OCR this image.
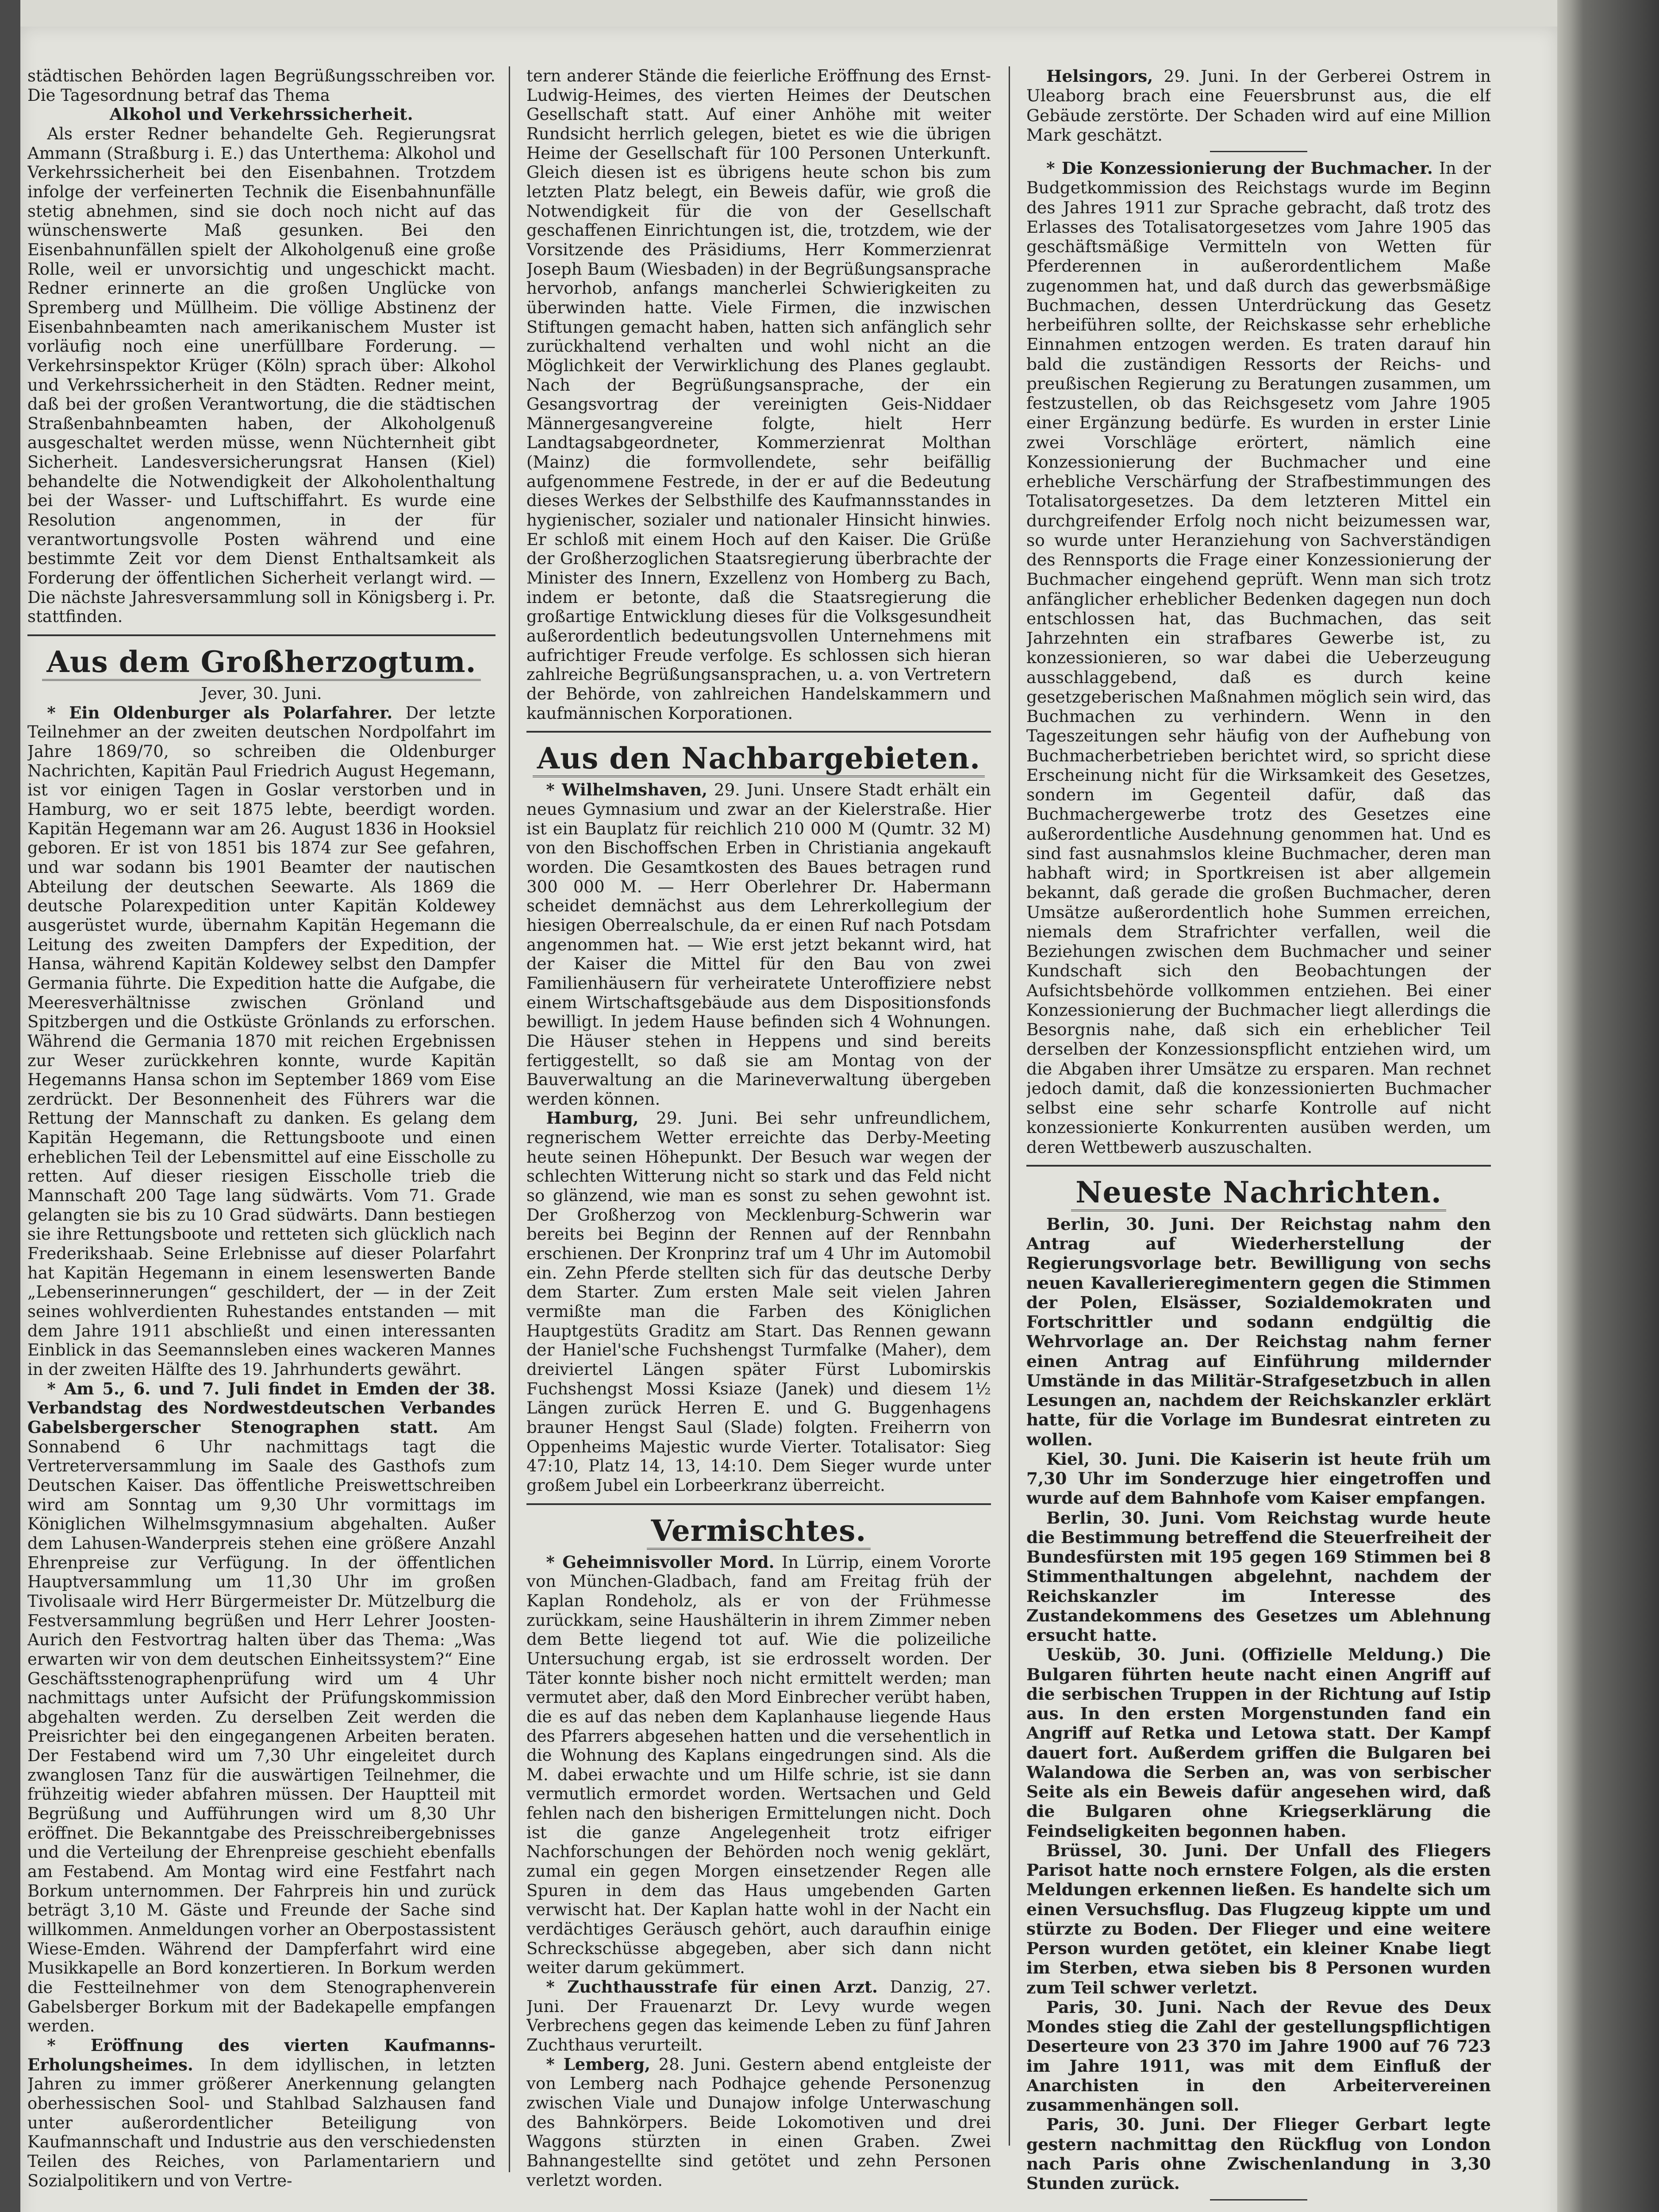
städtischen Behörden lagen Begrüßungsschreiben vor. Die Tagesordnung betraf das Thema

Alkohol und Verkehrssicherheit.

Als erster Redner behandelte Geh. Regierungsrat Ammann (Straßburg i. E.) das Unterthema: Alkohol und Verkehrssicherheit bei den Eisenbahnen. Trotzdem infolge der verfeinerten Technik die Eisenbahnunfälle stetig abnehmen, sind sie doch noch nicht auf das wünschenswerte Maß gesunken. Bei den Eisenbahnunfällen spielt der Alkoholgenuß eine große Rolle, weil er unvorsichtig und ungeschickt macht. Redner erinnerte an die großen Unglücke von Spremberg und Müllheim. Die völlige Abstinenz der Eisenbahnbeamten nach amerikanischem Muster ist vorläufig noch eine unerfüllbare Forderung. — Verkehrsinspektor Krüger (Köln) sprach über: Alkohol und Verkehrssicherheit in den Städten. Redner meint, daß bei der großen Verantwortung, die die städtischen Straßenbahnbeamten haben, der Alkoholgenuß ausgeschaltet werden müsse, wenn Nüchternheit gibt Sicherheit. Landesversicherungsrat Hansen (Kiel) behandelte die Notwendigkeit der Alkoholenthaltung bei der Wasser- und Luftschiffahrt. Es wurde eine Resolution angenommen, in der für verantwortungsvolle Posten während und eine bestimmte Zeit vor dem Dienst Enthaltsamkeit als Forderung der öffentlichen Sicherheit verlangt wird. — Die nächste Jahresversammlung soll in Königsberg i. Pr. stattfinden.

Aus dem Großherzogtum.

Jever, 30. Juni.

* Ein Oldenburger als Polarfahrer. Der letzte Teilnehmer an der zweiten deutschen Nordpolfahrt im Jahre 1869/70, so schreiben die Oldenburger Nachrichten, Kapitän Paul Friedrich August Hegemann, ist vor einigen Tagen in Goslar verstorben und in Hamburg, wo er seit 1875 lebte, beerdigt worden. Kapitän Hegemann war am 26. August 1836 in Hooksiel geboren. Er ist von 1851 bis 1874 zur See gefahren, und war sodann bis 1901 Beamter der nautischen Abteilung der deutschen Seewarte. Als 1869 die deutsche Polarexpedition unter Kapitän Koldewey ausgerüstet wurde, übernahm Kapitän Hegemann die Leitung des zweiten Dampfers der Expedition, der Hansa, während Kapitän Koldewey selbst den Dampfer Germania führte. Die Expedition hatte die Aufgabe, die Meeresverhältnisse zwischen Grönland und Spitzbergen und die Ostküste Grönlands zu erforschen. Während die Germania 1870 mit reichen Ergebnissen zur Weser zurückkehren konnte, wurde Kapitän Hegemanns Hansa schon im September 1869 vom Eise zerdrückt. Der Besonnenheit des Führers war die Rettung der Mannschaft zu danken. Es gelang dem Kapitän Hegemann, die Rettungsboote und einen erheblichen Teil der Lebensmittel auf eine Eisscholle zu retten. Auf dieser riesigen Eisscholle trieb die Mannschaft 200 Tage lang südwärts. Vom 71. Grade gelangten sie bis zu 10 Grad südwärts. Dann bestiegen sie ihre Rettungsboote und retteten sich glücklich nach Frederikshaab. Seine Erlebnisse auf dieser Polarfahrt hat Kapitän Hegemann in einem lesenswerten Bande „Lebenserinnerungen“ geschildert, der — in der Zeit seines wohlverdienten Ruhestandes entstanden — mit dem Jahre 1911 abschließt und einen interessanten Einblick in das Seemannsleben eines wackeren Mannes in der zweiten Hälfte des 19. Jahrhunderts gewährt.

* Am 5., 6. und 7. Juli findet in Emden der 38. Verbandstag des Nordwestdeutschen Verbandes Gabelsbergerscher Stenographen statt. Am Sonnabend 6 Uhr nachmittags tagt die Vertreterversammlung im Saale des Gasthofs zum Deutschen Kaiser. Das öffentliche Preiswettschreiben wird am Sonntag um 9,30 Uhr vormittags im Königlichen Wilhelmsgymnasium abgehalten. Außer dem Lahusen-Wanderpreis stehen eine größere Anzahl Ehrenpreise zur Verfügung. In der öffentlichen Hauptversammlung um 11,30 Uhr im großen Tivolisaale wird Herr Bürgermeister Dr. Mützelburg die Festversammlung begrüßen und Herr Lehrer Joosten-Aurich den Festvortrag halten über das Thema: „Was erwarten wir von dem deutschen Einheitssystem?“ Eine Geschäftsstenographenprüfung wird um 4 Uhr nachmittags unter Aufsicht der Prüfungskommission abgehalten werden. Zu derselben Zeit werden die Preisrichter bei den eingegangenen Arbeiten beraten. Der Festabend wird um 7,30 Uhr eingeleitet durch zwanglosen Tanz für die auswärtigen Teilnehmer, die frühzeitig wieder abfahren müssen. Der Hauptteil mit Begrüßung und Aufführungen wird um 8,30 Uhr eröffnet. Die Bekanntgabe des Preisschreibergebnisses und die Verteilung der Ehrenpreise geschieht ebenfalls am Festabend. Am Montag wird eine Festfahrt nach Borkum unternommen. Der Fahrpreis hin und zurück beträgt 3,10 M. Gäste und Freunde der Sache sind willkommen. Anmeldungen vorher an Oberpostassistent Wiese-Emden. Während der Dampferfahrt wird eine Musikkapelle an Bord konzertieren. In Borkum werden die Festteilnehmer von dem Stenographenverein Gabelsberger Borkum mit der Badekapelle empfangen werden.

* Eröffnung des vierten Kaufmanns-Erholungsheimes. In dem idyllischen, in letzten Jahren zu immer größerer Anerkennung gelangten oberhessischen Sool- und Stahlbad Salzhausen fand unter außerordentlicher Beteiligung von Kaufmannschaft und Industrie aus den verschiedensten Teilen des Reiches, von Parlamentariern und Sozialpolitikern und von Vertre-

tern anderer Stände die feierliche Eröffnung des Ernst-Ludwig-Heimes, des vierten Heimes der Deutschen Gesellschaft statt. Auf einer Anhöhe mit weiter Rundsicht herrlich gelegen, bietet es wie die übrigen Heime der Gesellschaft für 100 Personen Unterkunft. Gleich diesen ist es übrigens heute schon bis zum letzten Platz belegt, ein Beweis dafür, wie groß die Notwendigkeit für die von der Gesellschaft geschaffenen Einrichtungen ist, die, trotzdem, wie der Vorsitzende des Präsidiums, Herr Kommerzienrat Joseph Baum (Wiesbaden) in der Begrüßungsansprache hervorhob, anfangs mancherlei Schwierigkeiten zu überwinden hatte. Viele Firmen, die inzwischen Stiftungen gemacht haben, hatten sich anfänglich sehr zurückhaltend verhalten und wohl nicht an die Möglichkeit der Verwirklichung des Planes geglaubt. Nach der Begrüßungsansprache, der ein Gesangsvortrag der vereinigten Geis-Niddaer Männergesangvereine folgte, hielt Herr Landtagsabgeordneter, Kommerzienrat Molthan (Mainz) die formvollendete, sehr beifällig aufgenommene Festrede, in der er auf die Bedeutung dieses Werkes der Selbsthilfe des Kaufmannsstandes in hygienischer, sozialer und nationaler Hinsicht hinwies. Er schloß mit einem Hoch auf den Kaiser. Die Grüße der Großherzoglichen Staatsregierung überbrachte der Minister des Innern, Exzellenz von Homberg zu Bach, indem er betonte, daß die Staatsregierung die großartige Entwicklung dieses für die Volksgesundheit außerordentlich bedeutungsvollen Unternehmens mit aufrichtiger Freude verfolge. Es schlossen sich hieran zahlreiche Begrüßungsansprachen, u. a. von Vertretern der Behörde, von zahlreichen Handelskammern und kaufmännischen Korporationen.

Aus den Nachbargebieten.

* Wilhelmshaven, 29. Juni. Unsere Stadt erhält ein neues Gymnasium und zwar an der Kielerstraße. Hier ist ein Bauplatz für reichlich 210 000 M (Qumtr. 32 M) von den Bischoffschen Erben in Christiania angekauft worden. Die Gesamtkosten des Baues betragen rund 300 000 M. — Herr Oberlehrer Dr. Habermann scheidet demnächst aus dem Lehrerkollegium der hiesigen Oberrealschule, da er einen Ruf nach Potsdam angenommen hat. — Wie erst jetzt bekannt wird, hat der Kaiser die Mittel für den Bau von zwei Familienhäusern für verheiratete Unteroffiziere nebst einem Wirtschaftsgebäude aus dem Dispositionsfonds bewilligt. In jedem Hause befinden sich 4 Wohnungen. Die Häuser stehen in Heppens und sind bereits fertiggestellt, so daß sie am Montag von der Bauverwaltung an die Marineverwaltung übergeben werden können.

Hamburg, 29. Juni. Bei sehr unfreundlichem, regnerischem Wetter erreichte das Derby-Meeting heute seinen Höhepunkt. Der Besuch war wegen der schlechten Witterung nicht so stark und das Feld nicht so glänzend, wie man es sonst zu sehen gewohnt ist. Der Großherzog von Mecklenburg-Schwerin war bereits bei Beginn der Rennen auf der Rennbahn erschienen. Der Kronprinz traf um 4 Uhr im Automobil ein. Zehn Pferde stellten sich für das deutsche Derby dem Starter. Zum ersten Male seit vielen Jahren vermißte man die Farben des Königlichen Hauptgestüts Graditz am Start. Das Rennen gewann der Haniel'sche Fuchshengst Turmfalke (Maher), dem dreiviertel Längen später Fürst Lubomirskis Fuchshengst Mossi Ksiaze (Janek) und diesem 1½ Längen zurück Herren E. und G. Buggenhagens brauner Hengst Saul (Slade) folgten. Freiherrn von Oppenheims Majestic wurde Vierter. Totalisator: Sieg 47:10, Platz 14, 13, 14:10. Dem Sieger wurde unter großem Jubel ein Lorbeerkranz überreicht.

Vermischtes.

* Geheimnisvoller Mord. In Lürrip, einem Vororte von München-Gladbach, fand am Freitag früh der Kaplan Rondeholz, als er von der Frühmesse zurückkam, seine Haushälterin in ihrem Zimmer neben dem Bette liegend tot auf. Wie die polizeiliche Untersuchung ergab, ist sie erdrosselt worden. Der Täter konnte bisher noch nicht ermittelt werden; man vermutet aber, daß den Mord Einbrecher verübt haben, die es auf das neben dem Kaplanhause liegende Haus des Pfarrers abgesehen hatten und die versehentlich in die Wohnung des Kaplans eingedrungen sind. Als die M. dabei erwachte und um Hilfe schrie, ist sie dann vermutlich ermordet worden. Wertsachen und Geld fehlen nach den bisherigen Ermittelungen nicht. Doch ist die ganze Angelegenheit trotz eifriger Nachforschungen der Behörden noch wenig geklärt, zumal ein gegen Morgen einsetzender Regen alle Spuren in dem das Haus umgebenden Garten verwischt hat. Der Kaplan hatte wohl in der Nacht ein verdächtiges Geräusch gehört, auch daraufhin einige Schreckschüsse abgegeben, aber sich dann nicht weiter darum gekümmert.

* Zuchthausstrafe für einen Arzt. Danzig, 27. Juni. Der Frauenarzt Dr. Levy wurde wegen Verbrechens gegen das keimende Leben zu fünf Jahren Zuchthaus verurteilt.

* Lemberg, 28. Juni. Gestern abend entgleiste der von Lemberg nach Podhajce gehende Personenzug zwischen Viale und Dunajow infolge Unterwaschung des Bahnkörpers. Beide Lokomotiven und drei Waggons stürzten in einen Graben. Zwei Bahnangestellte sind getötet und zehn Personen verletzt worden.

Helsingors, 29. Juni. In der Gerberei Ostrem in Uleaborg brach eine Feuersbrunst aus, die elf Gebäude zerstörte. Der Schaden wird auf eine Million Mark geschätzt.

* Die Konzessionierung der Buchmacher. In der Budgetkommission des Reichstags wurde im Beginn des Jahres 1911 zur Sprache gebracht, daß trotz des Erlasses des Totalisatorgesetzes vom Jahre 1905 das geschäftsmäßige Vermitteln von Wetten für Pferderennen in außerordentlichem Maße zugenommen hat, und daß durch das gewerbsmäßige Buchmachen, dessen Unterdrückung das Gesetz herbeiführen sollte, der Reichskasse sehr erhebliche Einnahmen entzogen werden. Es traten darauf hin bald die zuständigen Ressorts der Reichs- und preußischen Regierung zu Beratungen zusammen, um festzustellen, ob das Reichsgesetz vom Jahre 1905 einer Ergänzung bedürfe. Es wurden in erster Linie zwei Vorschläge erörtert, nämlich eine Konzessionierung der Buchmacher und eine erhebliche Verschärfung der Strafbestimmungen des Totalisatorgesetzes. Da dem letzteren Mittel ein durchgreifender Erfolg noch nicht beizumessen war, so wurde unter Heranziehung von Sachverständigen des Rennsports die Frage einer Konzessionierung der Buchmacher eingehend geprüft. Wenn man sich trotz anfänglicher erheblicher Bedenken dagegen nun doch entschlossen hat, das Buchmachen, das seit Jahrzehnten ein strafbares Gewerbe ist, zu konzessionieren, so war dabei die Ueberzeugung ausschlaggebend, daß es durch keine gesetzgeberischen Maßnahmen möglich sein wird, das Buchmachen zu verhindern. Wenn in den Tageszeitungen sehr häufig von der Aufhebung von Buchmacherbetrieben berichtet wird, so spricht diese Erscheinung nicht für die Wirksamkeit des Gesetzes, sondern im Gegenteil dafür, daß das Buchmachergewerbe trotz des Gesetzes eine außerordentliche Ausdehnung genommen hat. Und es sind fast ausnahmslos kleine Buchmacher, deren man habhaft wird; in Sportkreisen ist aber allgemein bekannt, daß gerade die großen Buchmacher, deren Umsätze außerordentlich hohe Summen erreichen, niemals dem Strafrichter verfallen, weil die Beziehungen zwischen dem Buchmacher und seiner Kundschaft sich den Beobachtungen der Aufsichtsbehörde vollkommen entziehen. Bei einer Konzessionierung der Buchmacher liegt allerdings die Besorgnis nahe, daß sich ein erheblicher Teil derselben der Konzessionspflicht entziehen wird, um die Abgaben ihrer Umsätze zu ersparen. Man rechnet jedoch damit, daß die konzessionierten Buchmacher selbst eine sehr scharfe Kontrolle auf nicht konzessionierte Konkurrenten ausüben werden, um deren Wettbewerb auszuschalten.

Neueste Nachrichten.

Berlin, 30. Juni. Der Reichstag nahm den Antrag auf Wiederherstellung der Regierungsvorlage betr. Bewilligung von sechs neuen Kavallerieregimentern gegen die Stimmen der Polen, Elsässer, Sozialdemokraten und Fortschrittler und sodann endgültig die Wehrvorlage an. Der Reichstag nahm ferner einen Antrag auf Einführung mildernder Umstände in das Militär-Strafgesetzbuch in allen Lesungen an, nachdem der Reichskanzler erklärt hatte, für die Vorlage im Bundesrat eintreten zu wollen.

Kiel, 30. Juni. Die Kaiserin ist heute früh um 7,30 Uhr im Sonderzuge hier eingetroffen und wurde auf dem Bahnhofe vom Kaiser empfangen.

Berlin, 30. Juni. Vom Reichstag wurde heute die Bestimmung betreffend die Steuerfreiheit der Bundesfürsten mit 195 gegen 169 Stimmen bei 8 Stimmenthaltungen abgelehnt, nachdem der Reichskanzler im Interesse des Zustandekommens des Gesetzes um Ablehnung ersucht hatte.

Uesküb, 30. Juni. (Offizielle Meldung.) Die Bulgaren führten heute nacht einen Angriff auf die serbischen Truppen in der Richtung auf Istip aus. In den ersten Morgenstunden fand ein Angriff auf Retka und Letowa statt. Der Kampf dauert fort. Außerdem griffen die Bulgaren bei Walandowa die Serben an, was von serbischer Seite als ein Beweis dafür angesehen wird, daß die Bulgaren ohne Kriegserklärung die Feindseligkeiten begonnen haben.

Brüssel, 30. Juni. Der Unfall des Fliegers Parisot hatte noch ernstere Folgen, als die ersten Meldungen erkennen ließen. Es handelte sich um einen Versuchsflug. Das Flugzeug kippte um und stürzte zu Boden. Der Flieger und eine weitere Person wurden getötet, ein kleiner Knabe liegt im Sterben, etwa sieben bis 8 Personen wurden zum Teil schwer verletzt.

Paris, 30. Juni. Nach der Revue des Deux Mondes stieg die Zahl der gestellungspflichtigen Deserteure von 23 370 im Jahre 1900 auf 76 723 im Jahre 1911, was mit dem Einfluß der Anarchisten in den Arbeitervereinen zusammenhängen soll.

Paris, 30. Juni. Der Flieger Gerbart legte gestern nachmittag den Rückflug von London nach Paris ohne Zwischenlandung in 3,30 Stunden zurück.
